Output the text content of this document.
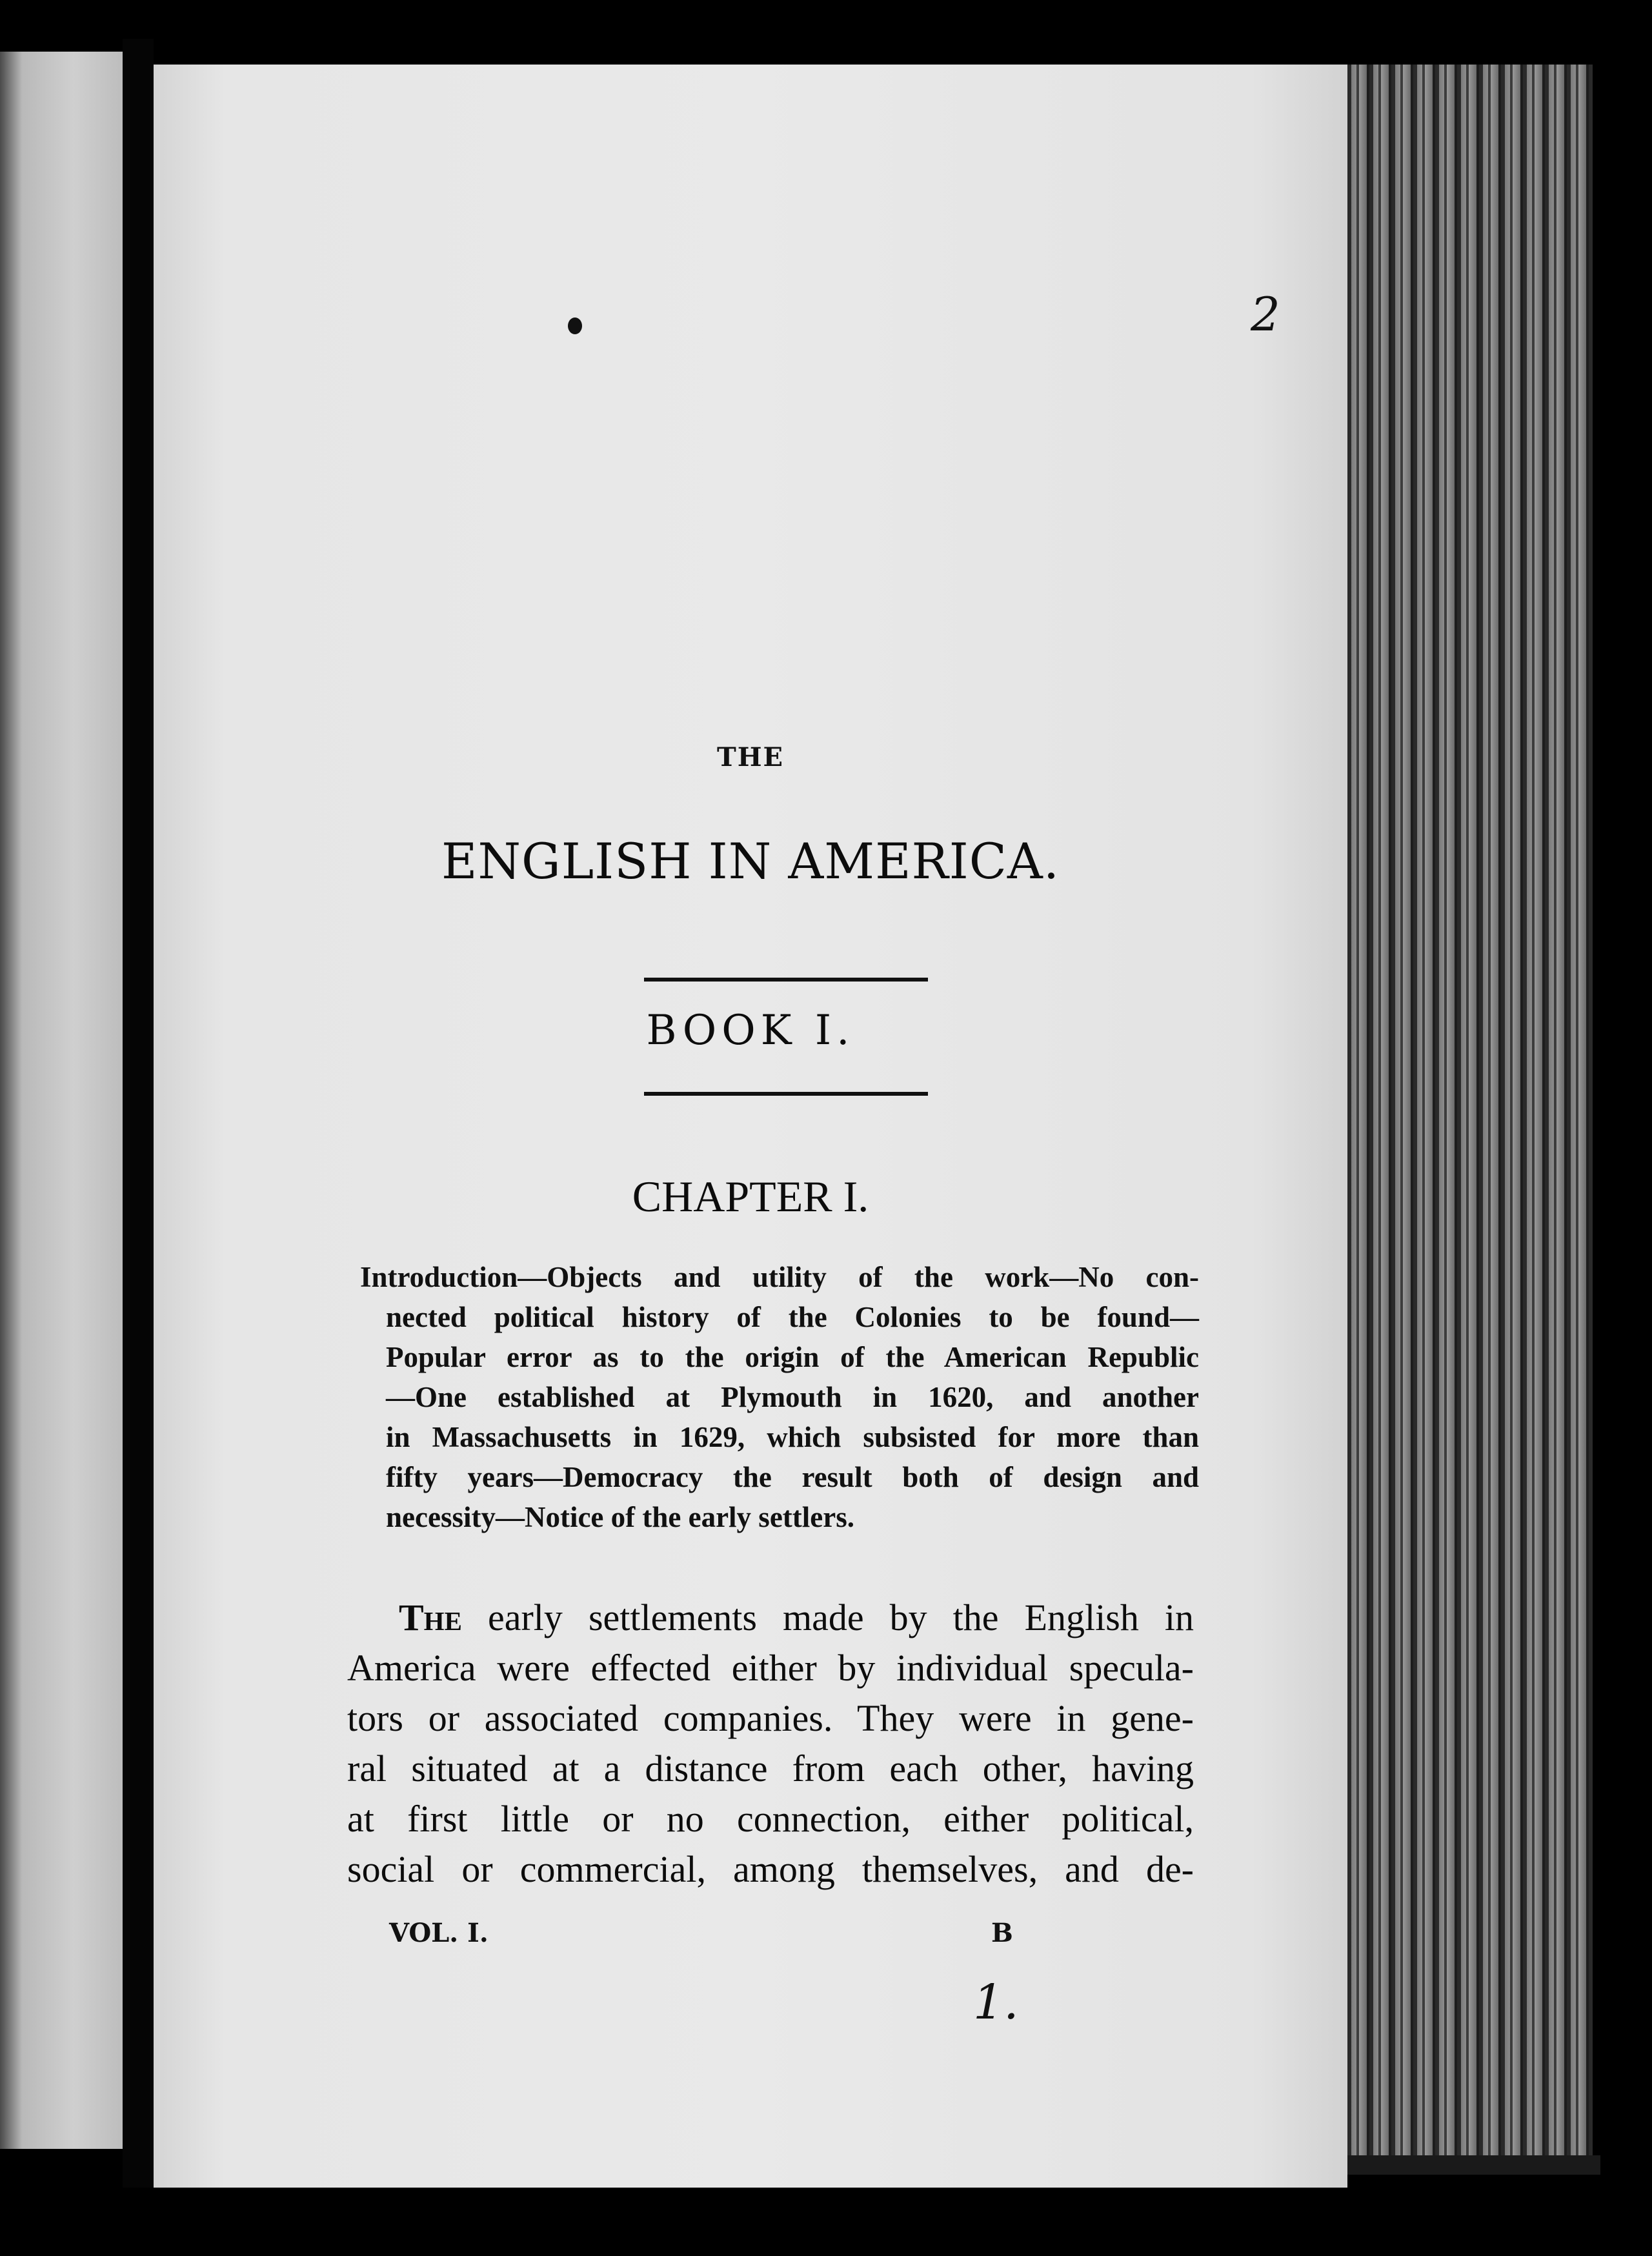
2
THE
ENGLISH IN AMERICA.
BOOK I.
CHAPTER I.
Introduction—Objects and utility of the work—No con-
nected political history of the Colonies to be found—
Popular error as to the origin of the American Republic
—One established at Plymouth in 1620, and another
in Massachusetts in 1629, which subsisted for more than
fifty years—Democracy the result both of design and
necessity—Notice of the early settlers.
The early settlements made by the English in
America were effected either by individual specula-
tors or associated companies. They were in gene-
ral situated at a distance from each other, having
at first little or no connection, either political,
social or commercial, among themselves, and de-
VOL. I.	B
1.
